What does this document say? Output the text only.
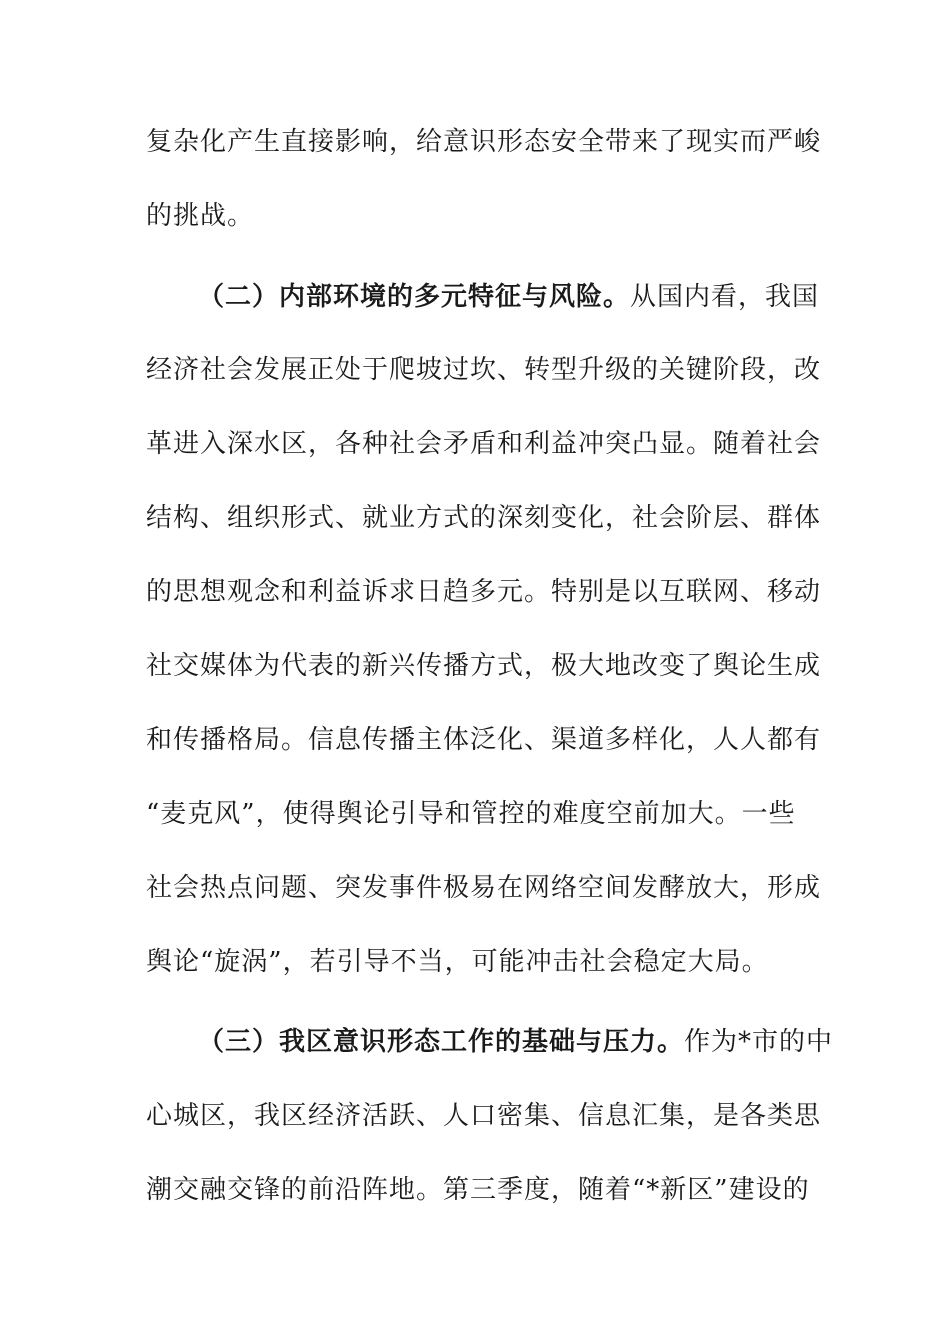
复杂化产生直接影响，给意识形态安全带来了现实而严峻
的挑战。
（二）内部环境的多元特征与风险。从国内看，我国
经济社会发展正处于爬坡过坎、转型升级的关键阶段，改
革进入深水区，各种社会矛盾和利益冲突凸显。随着社会
结构、组织形式、就业方式的深刻变化，社会阶层、群体
的思想观念和利益诉求日趋多元。特别是以互联网、移动
社交媒体为代表的新兴传播方式，极大地改变了舆论生成
和传播格局。信息传播主体泛化、渠道多样化，人人都有
“麦克风”，使得舆论引导和管控的难度空前加大。一些
社会热点问题、突发事件极易在网络空间发酵放大，形成
舆论“旋涡”，若引导不当，可能冲击社会稳定大局。
（三）我区意识形态工作的基础与压力。作为*市的中
心城区，我区经济活跃、人口密集、信息汇集，是各类思
潮交融交锋的前沿阵地。第三季度，随着“*新区”建设的
